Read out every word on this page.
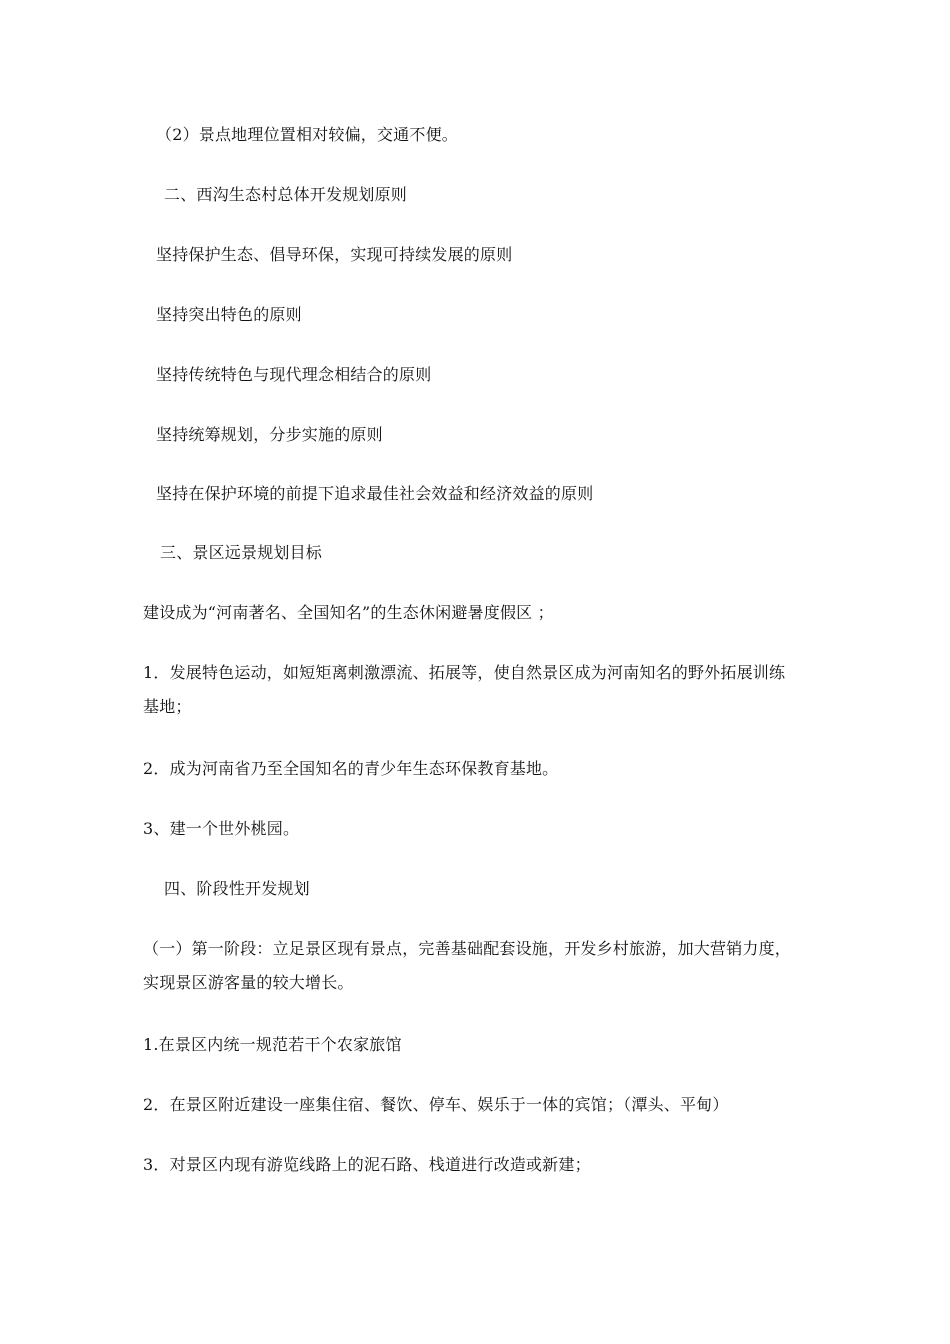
（2）景点地理位置相对较偏，交通不便。
二、西沟生态村总体开发规划原则
坚持保护生态、倡导环保，实现可持续发展的原则
坚持突出特色的原则
坚持传统特色与现代理念相结合的原则
坚持统筹规划，分步实施的原则
坚持在保护环境的前提下追求最佳社会效益和经济效益的原则
三、景区远景规划目标
建设成为“河南著名、全国知名”的生态休闲避暑度假区 ；
1．发展特色运动，如短矩离刺激漂流、拓展等，使自然景区成为河南知名的野外拓展训练
基地；
2．成为河南省乃至全国知名的青少年生态环保教育基地。
3、建一个世外桃园。
四、阶段性开发规划
（一）第一阶段：立足景区现有景点，完善基础配套设施，开发乡村旅游，加大营销力度，
实现景区游客量的较大增长。
1.在景区内统一规范若干个农家旅馆
2．在景区附近建设一座集住宿、餐饮、停车、娱乐于一体的宾馆；（潭头、平甸）
3．对景区内现有游览线路上的泥石路、栈道进行改造或新建；
